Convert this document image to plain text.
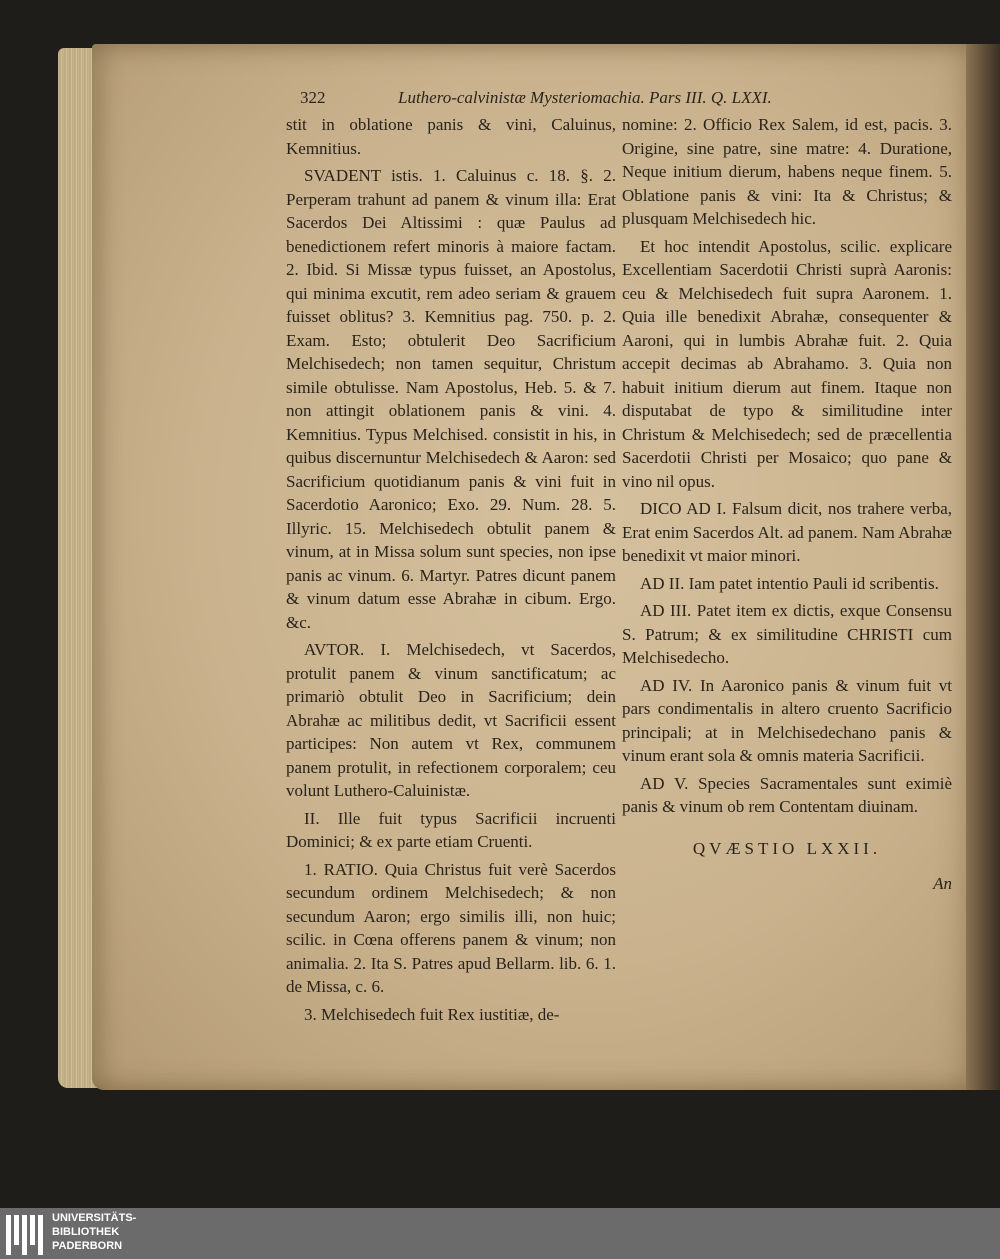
322	Luthero-calvinistæ Mysteriomachia. Pars III. Q. LXXI.

stit in oblatione panis & vini, Caluinus, Kemnitius.

SVADENT istis. 1. Caluinus c. 18. §. 2. Perperam trahunt ad panem & vinum illa: Erat Sacerdos Dei Altissimi : quæ Paulus ad benedictionem refert minoris à maiore factam. 2. Ibid. Si Missæ typus fuisset, an Apostolus, qui minima excutit, rem adeo seriam & grauem fuisset oblitus? 3. Kemnitius pag. 750. p. 2. Exam. Esto; obtulerit Deo Sacrificium Melchisedech; non tamen sequitur, Christum simile obtulisse. Nam Apostolus, Heb. 5. & 7. non attingit oblationem panis & vini. 4. Kemnitius. Typus Melchised. consistit in his, in quibus discernuntur Melchisedech & Aaron: sed Sacrificium quotidianum panis & vini fuit in Sacerdotio Aaronico; Exo. 29. Num. 28. 5. Illyric. 15. Melchisedech obtulit panem & vinum, at in Missa solum sunt species, non ipse panis ac vinum. 6. Martyr. Patres dicunt panem & vinum datum esse Abrahæ in cibum. Ergo. &c.

AVTOR. I. Melchisedech, vt Sacerdos, protulit panem & vinum sanctificatum; ac primariò obtulit Deo in Sacrificium; dein Abrahæ ac militibus dedit, vt Sacrificii essent participes: Non autem vt Rex, communem panem protulit, in refectionem corporalem; ceu volunt Luthero-Caluinistæ.

II. Ille fuit typus Sacrificii incruenti Dominici; & ex parte etiam Cruenti.

1. RATIO. Quia Christus fuit verè Sacerdos secundum ordinem Melchisedech; & non secundum Aaron; ergo similis illi, non huic; scilic. in Cœna offerens panem & vinum; non animalia. 2. Ita S. Patres apud Bellarm. lib. 6. 1. de Missa, c. 6.

3. Melchisedech fuit Rex iustitiæ, de-

nomine: 2. Officio Rex Salem, id est, pacis. 3. Origine, sine patre, sine matre: 4. Duratione, Neque initium dierum, habens neque finem. 5. Oblatione panis & vini: Ita & Christus; & plusquam Melchisedech hic.

Et hoc intendit Apostolus, scilic. explicare Excellentiam Sacerdotii Christi suprà Aaronis: ceu & Melchisedech fuit supra Aaronem. 1. Quia ille benedixit Abrahæ, consequenter & Aaroni, qui in lumbis Abrahæ fuit. 2. Quia accepit decimas ab Abrahamo. 3. Quia non habuit initium dierum aut finem. Itaque non disputabat de typo & similitudine inter Christum & Melchisedech; sed de præcellentia Sacerdotii Christi per Mosaico; quo pane & vino nil opus.

DICO AD I. Falsum dicit, nos trahere verba, Erat enim Sacerdos Alt. ad panem. Nam Abrahæ benedixit vt maior minori.

AD II. Iam patet intentio Pauli id scribentis.

AD III. Patet item ex dictis, exque Consensu S. Patrum; & ex similitudine CHRISTI cum Melchisedecho.

AD IV. In Aaronico panis & vinum fuit vt pars condimentalis in altero cruento Sacrificio principali; at in Melchisedechano panis & vinum erant sola & omnis materia Sacrificii.

AD V. Species Sacramentales sunt eximiè panis & vinum ob rem Contentam diuinam.

QVÆSTIO LXXII.

An

UNIVERSITÄTS-
BIBLIOTHEK
PADERBORN
